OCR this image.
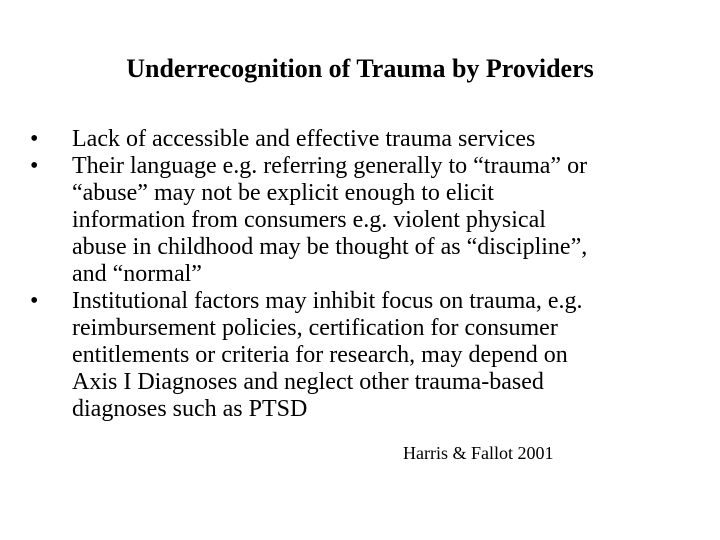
Underrecognition of Trauma by Providers
•	Lack of accessible and effective trauma services
•	Their language e.g. referring generally to “trauma” or
“abuse” may not be explicit enough to elicit
information from consumers e.g. violent physical
abuse in childhood may be thought of as “discipline”,
and “normal”
•	Institutional factors may inhibit focus on trauma, e.g.
reimbursement policies, certification for consumer
entitlements or criteria for research, may depend on
Axis I Diagnoses and neglect other trauma-based
diagnoses such as PTSD
Harris & Fallot 2001
